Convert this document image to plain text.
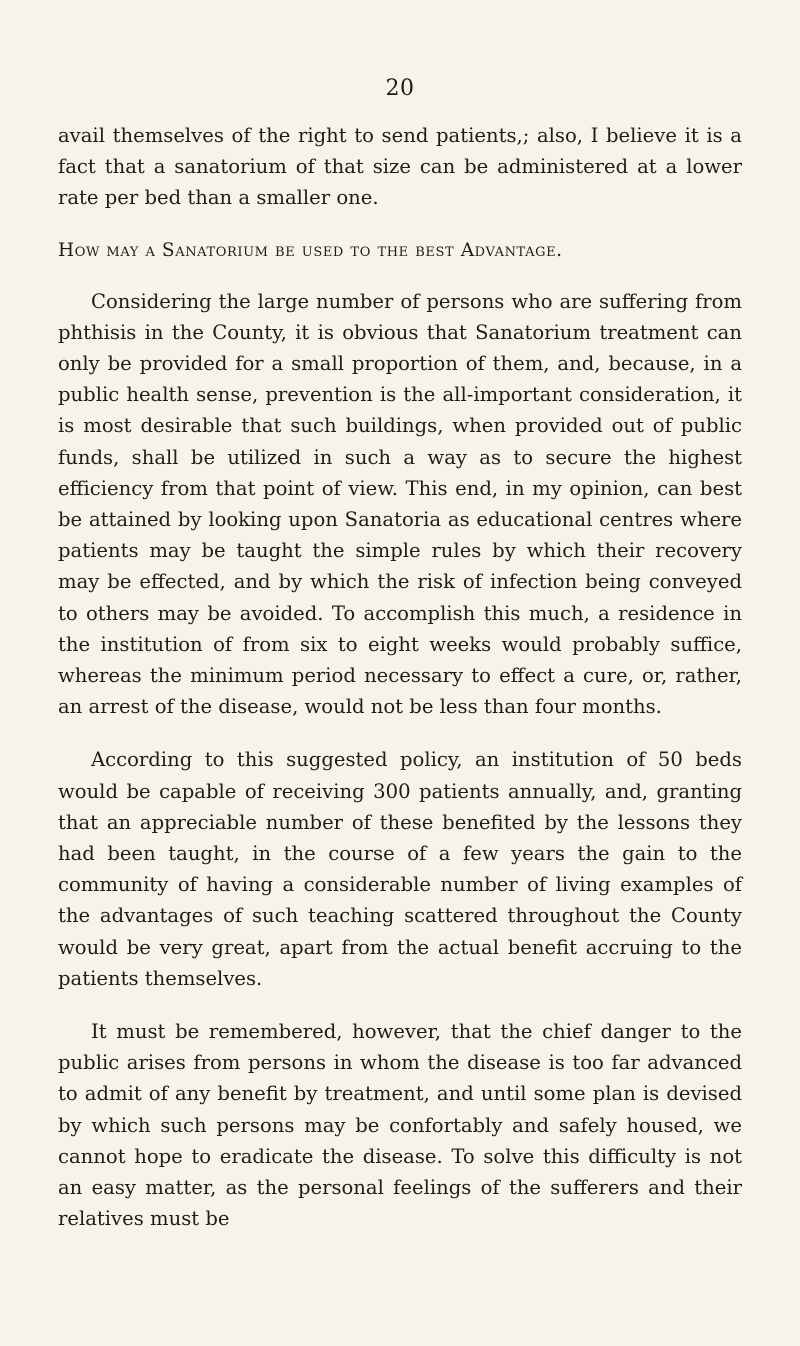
20

avail themselves of the right to send patients,; also, I believe it is a fact that a sanatorium of that size can be administered at a lower rate per bed than a smaller one.

How may a Sanatorium be used to the best Advantage.

Considering the large number of persons who are suffering from phthisis in the County, it is obvious that Sanatorium treatment can only be provided for a small proportion of them, and, because, in a public health sense, prevention is the all-important consideration, it is most desirable that such buildings, when provided out of public funds, shall be utilized in such a way as to secure the highest efficiency from that point of view. This end, in my opinion, can best be attained by looking upon Sanatoria as educational centres where patients may be taught the simple rules by which their recovery may be effected, and by which the risk of infection being conveyed to others may be avoided. To accomplish this much, a residence in the institution of from six to eight weeks would probably suffice, whereas the minimum period necessary to effect a cure, or, rather, an arrest of the disease, would not be less than four months.

According to this suggested policy, an institution of 50 beds would be capable of receiving 300 patients annually, and, granting that an appreciable number of these benefited by the lessons they had been taught, in the course of a few years the gain to the community of having a considerable number of living examples of the advantages of such teaching scattered throughout the County would be very great, apart from the actual benefit accruing to the patients themselves.

It must be remembered, however, that the chief danger to the public arises from persons in whom the disease is too far advanced to admit of any benefit by treatment, and until some plan is devised by which such persons may be confortably and safely housed, we cannot hope to eradicate the disease. To solve this difficulty is not an easy matter, as the personal feelings of the sufferers and their relatives must be
